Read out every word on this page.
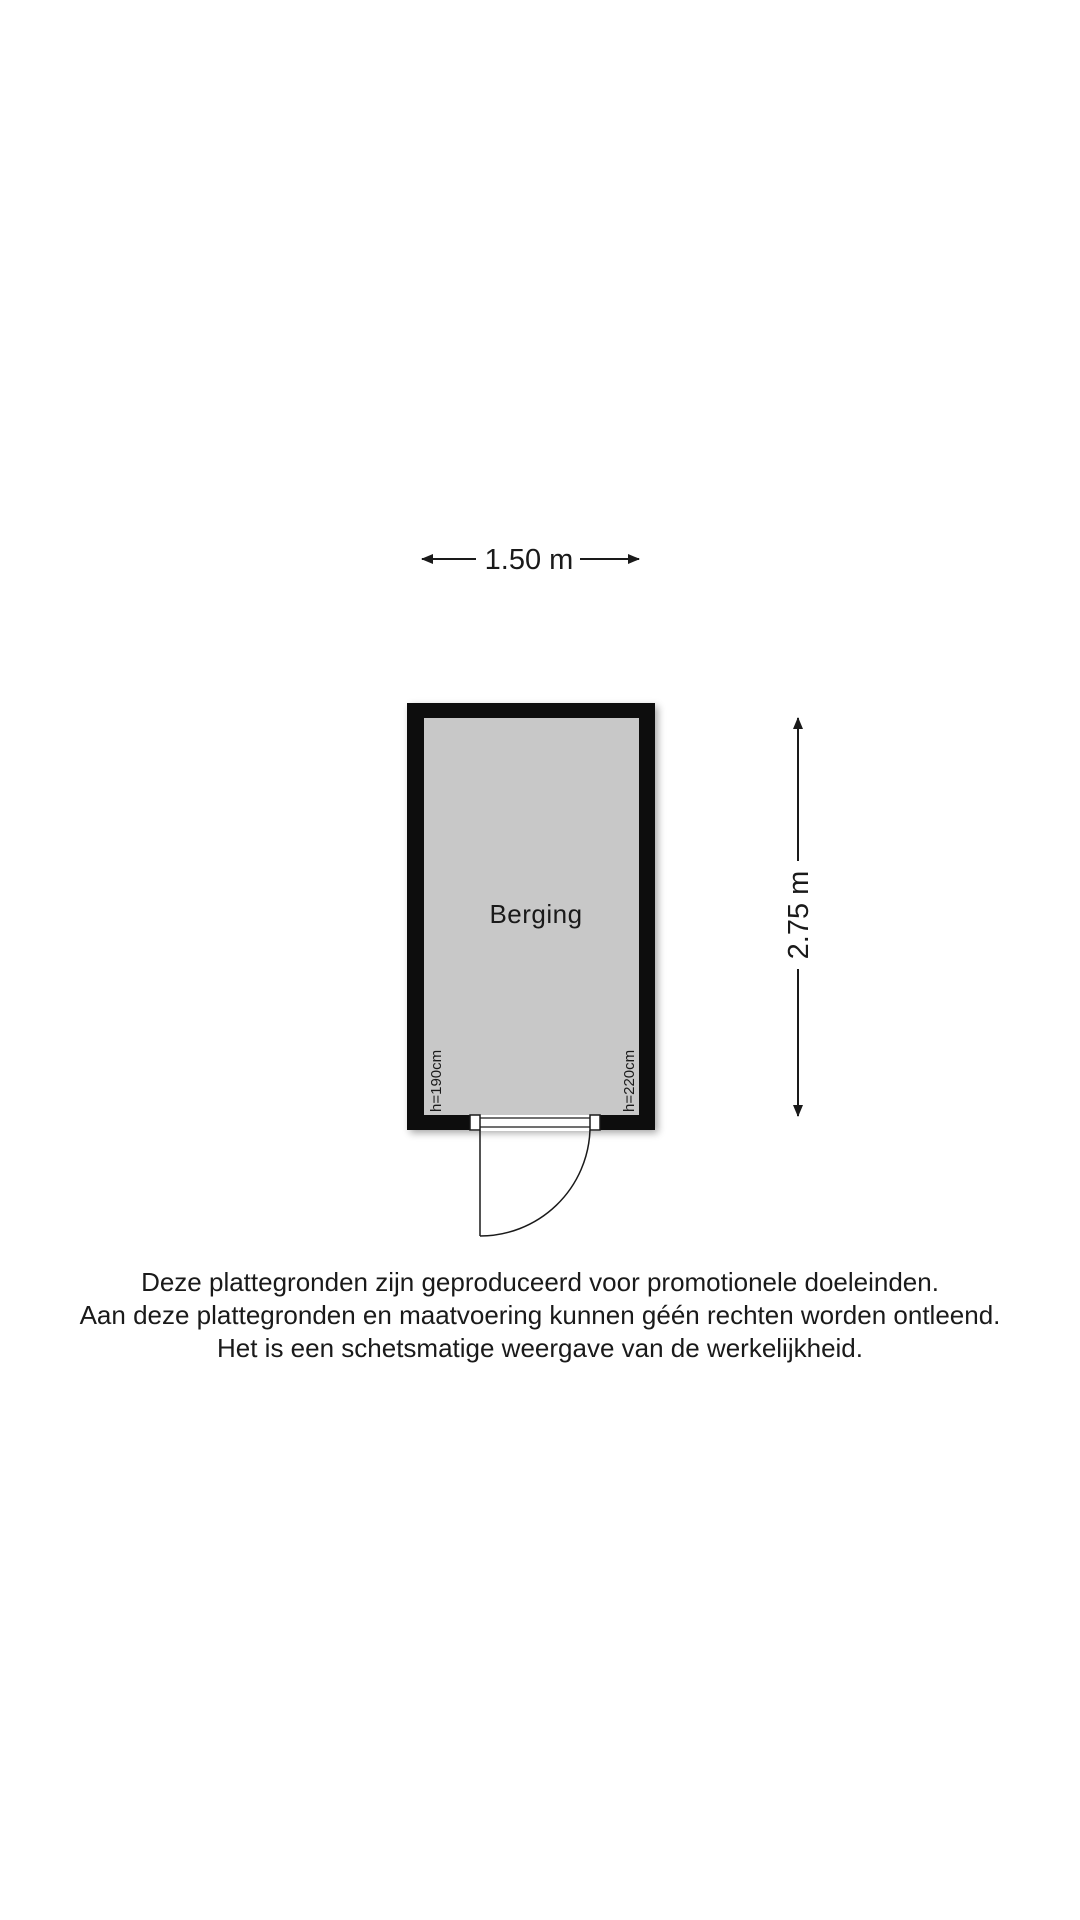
1.50 m
2.75 m
Berging
h=190cm	h=220cm
Deze plattegronden zijn geproduceerd voor promotionele doeleinden.
Aan deze plattegronden en maatvoering kunnen géén rechten worden ontleend.
Het is een schetsmatige weergave van de werkelijkheid.
